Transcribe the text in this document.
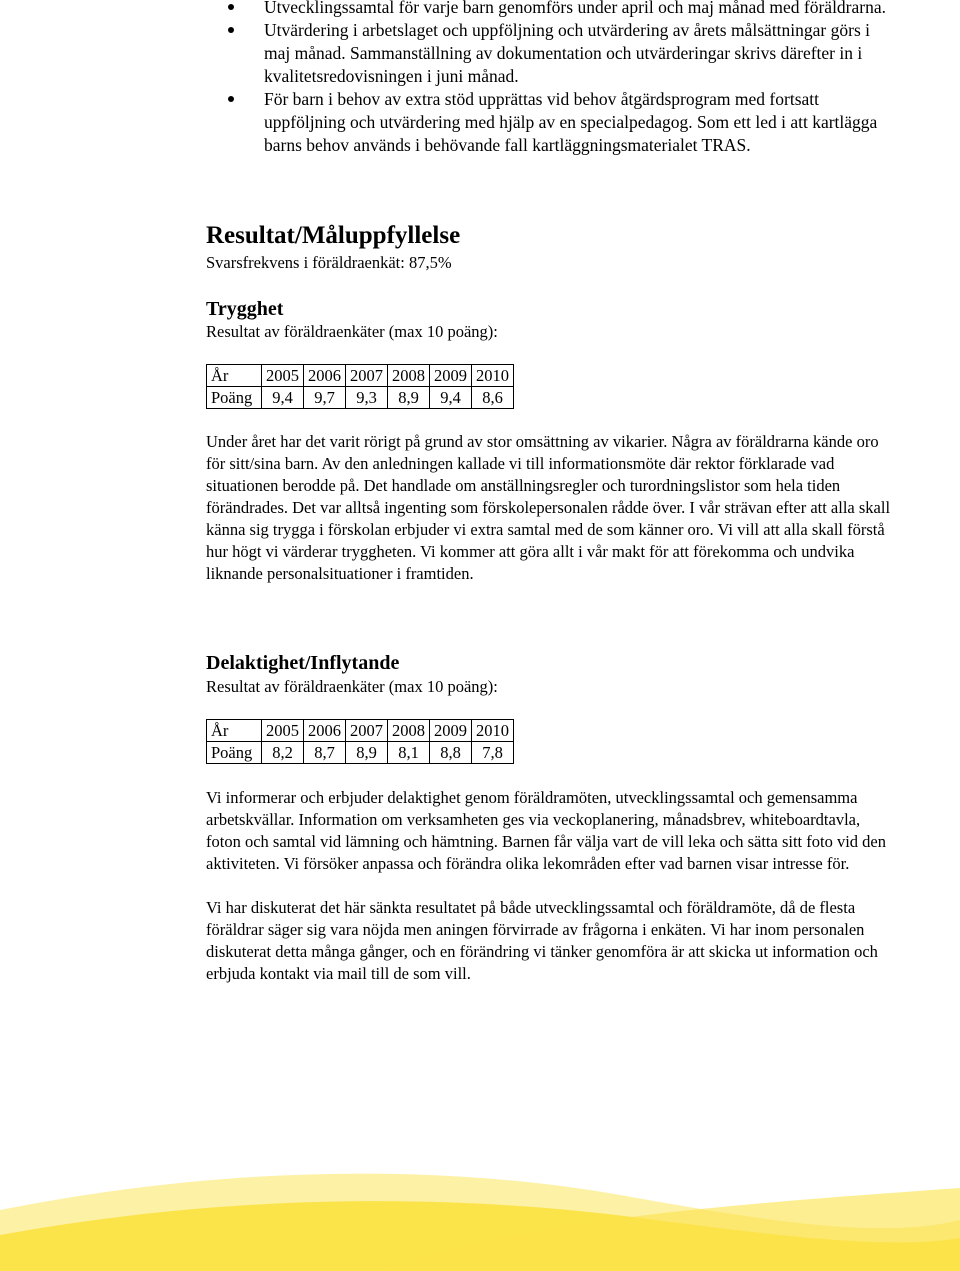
Utvecklingssamtal för varje barn genomförs under april och maj månad med föräldrarna.
Utvärdering i arbetslaget och uppföljning och utvärdering av årets målsättningar görs i maj månad. Sammanställning av dokumentation och utvärderingar skrivs därefter in i kvalitetsredovisningen i juni månad.
För barn i behov av extra stöd upprättas vid behov åtgärdsprogram med fortsatt uppföljning och utvärdering med hjälp av en specialpedagog. Som ett led i att kartlägga barns behov används i behövande fall kartläggningsmaterialet TRAS.
Resultat/Måluppfyllelse
Svarsfrekvens i föräldraenkät: 87,5%
Trygghet
Resultat av föräldraenkäter (max 10 poäng):
År	2005	2006	2007	2008	2009	2010
Poäng	9,4	9,7	9,3	8,9	9,4	8,6

Under året har det varit rörigt på grund av stor omsättning av vikarier. Några av föräldrarna kände oro för sitt/sina barn. Av den anledningen kallade vi till informationsmöte där rektor förklarade vad situationen berodde på. Det handlade om anställningsregler och turordningslistor som hela tiden förändrades. Det var alltså ingenting som förskolepersonalen rådde över. I vår strävan efter att alla skall känna sig trygga i förskolan erbjuder vi extra samtal med de som känner oro. Vi vill att alla skall förstå hur högt vi värderar tryggheten. Vi kommer att göra allt i vår makt för att förekomma och undvika liknande personalsituationer i framtiden.

Delaktighet/Inflytande
Resultat av föräldraenkäter (max 10 poäng):
År	2005	2006	2007	2008	2009	2010
Poäng	8,2	8,7	8,9	8,1	8,8	7,8

Vi informerar och erbjuder delaktighet genom föräldramöten, utvecklingssamtal och gemensamma arbetskvällar. Information om verksamheten ges via veckoplanering, månadsbrev, whiteboardtavla, foton och samtal vid lämning och hämtning. Barnen får välja vart de vill leka och sätta sitt foto vid den aktiviteten. Vi försöker anpassa och förändra olika lekområden efter vad barnen visar intresse för.

Vi har diskuterat det här sänkta resultatet på både utvecklingssamtal och föräldramöte, då de flesta föräldrar säger sig vara nöjda men aningen förvirrade av frågorna i enkäten. Vi har inom personalen diskuterat detta många gånger, och en förändring vi tänker genomföra är att skicka ut information och erbjuda kontakt via mail till de som vill.
